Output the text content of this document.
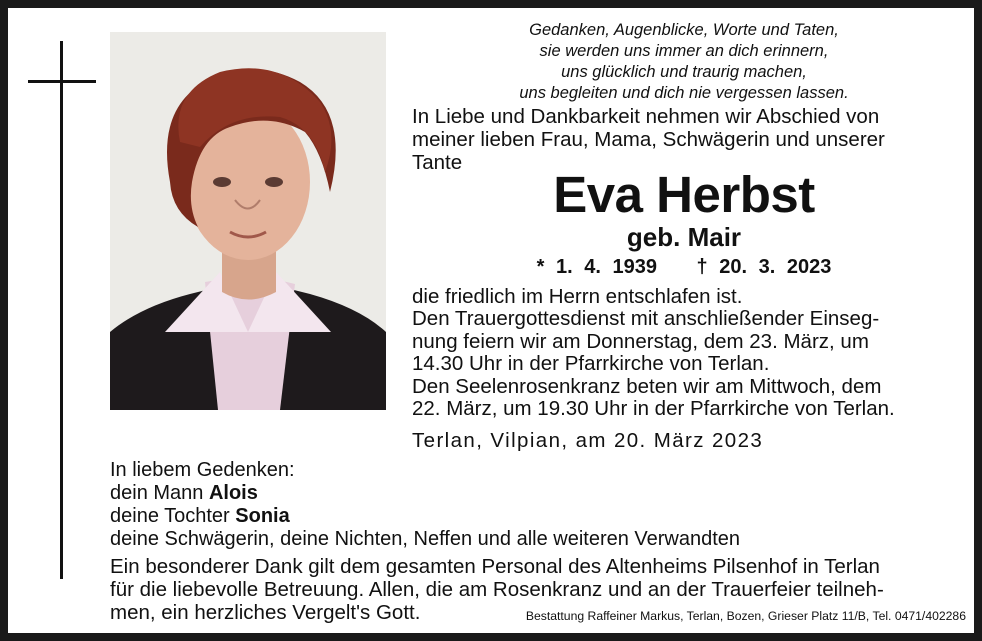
Gedanken, Augenblicke, Worte und Taten,
sie werden uns immer an dich erinnern,
uns glücklich und traurig machen,
uns begleiten und dich nie vergessen lassen.
In Liebe und Dankbarkeit nehmen wir Abschied von
meiner lieben Frau, Mama, Schwägerin und unserer
Tante
Eva Herbst
geb. Mair
* 1. 4. 1939 † 20. 3. 2023
die friedlich im Herrn entschlafen ist.
Den Trauergottesdienst mit anschließender Einseg-
nung feiern wir am Donnerstag, dem 23. März, um
14.30 Uhr in der Pfarrkirche von Terlan.
Den Seelenrosenkranz beten wir am Mittwoch, dem
22. März, um 19.30 Uhr in der Pfarrkirche von Terlan.
Terlan, Vilpian, am 20. März 2023
In liebem Gedenken:
dein Mann Alois
deine Tochter Sonia
deine Schwägerin, deine Nichten, Neffen und alle weiteren Verwandten
Ein besonderer Dank gilt dem gesamten Personal des Altenheims Pilsenhof in Terlan
für die liebevolle Betreuung. Allen, die am Rosenkranz und an der Trauerfeier teilneh-
men, ein herzliches Vergelt's Gott.	Bestattung Raffeiner Markus, Terlan, Bozen, Grieser Platz 11/B, Tel. 0471/402286
